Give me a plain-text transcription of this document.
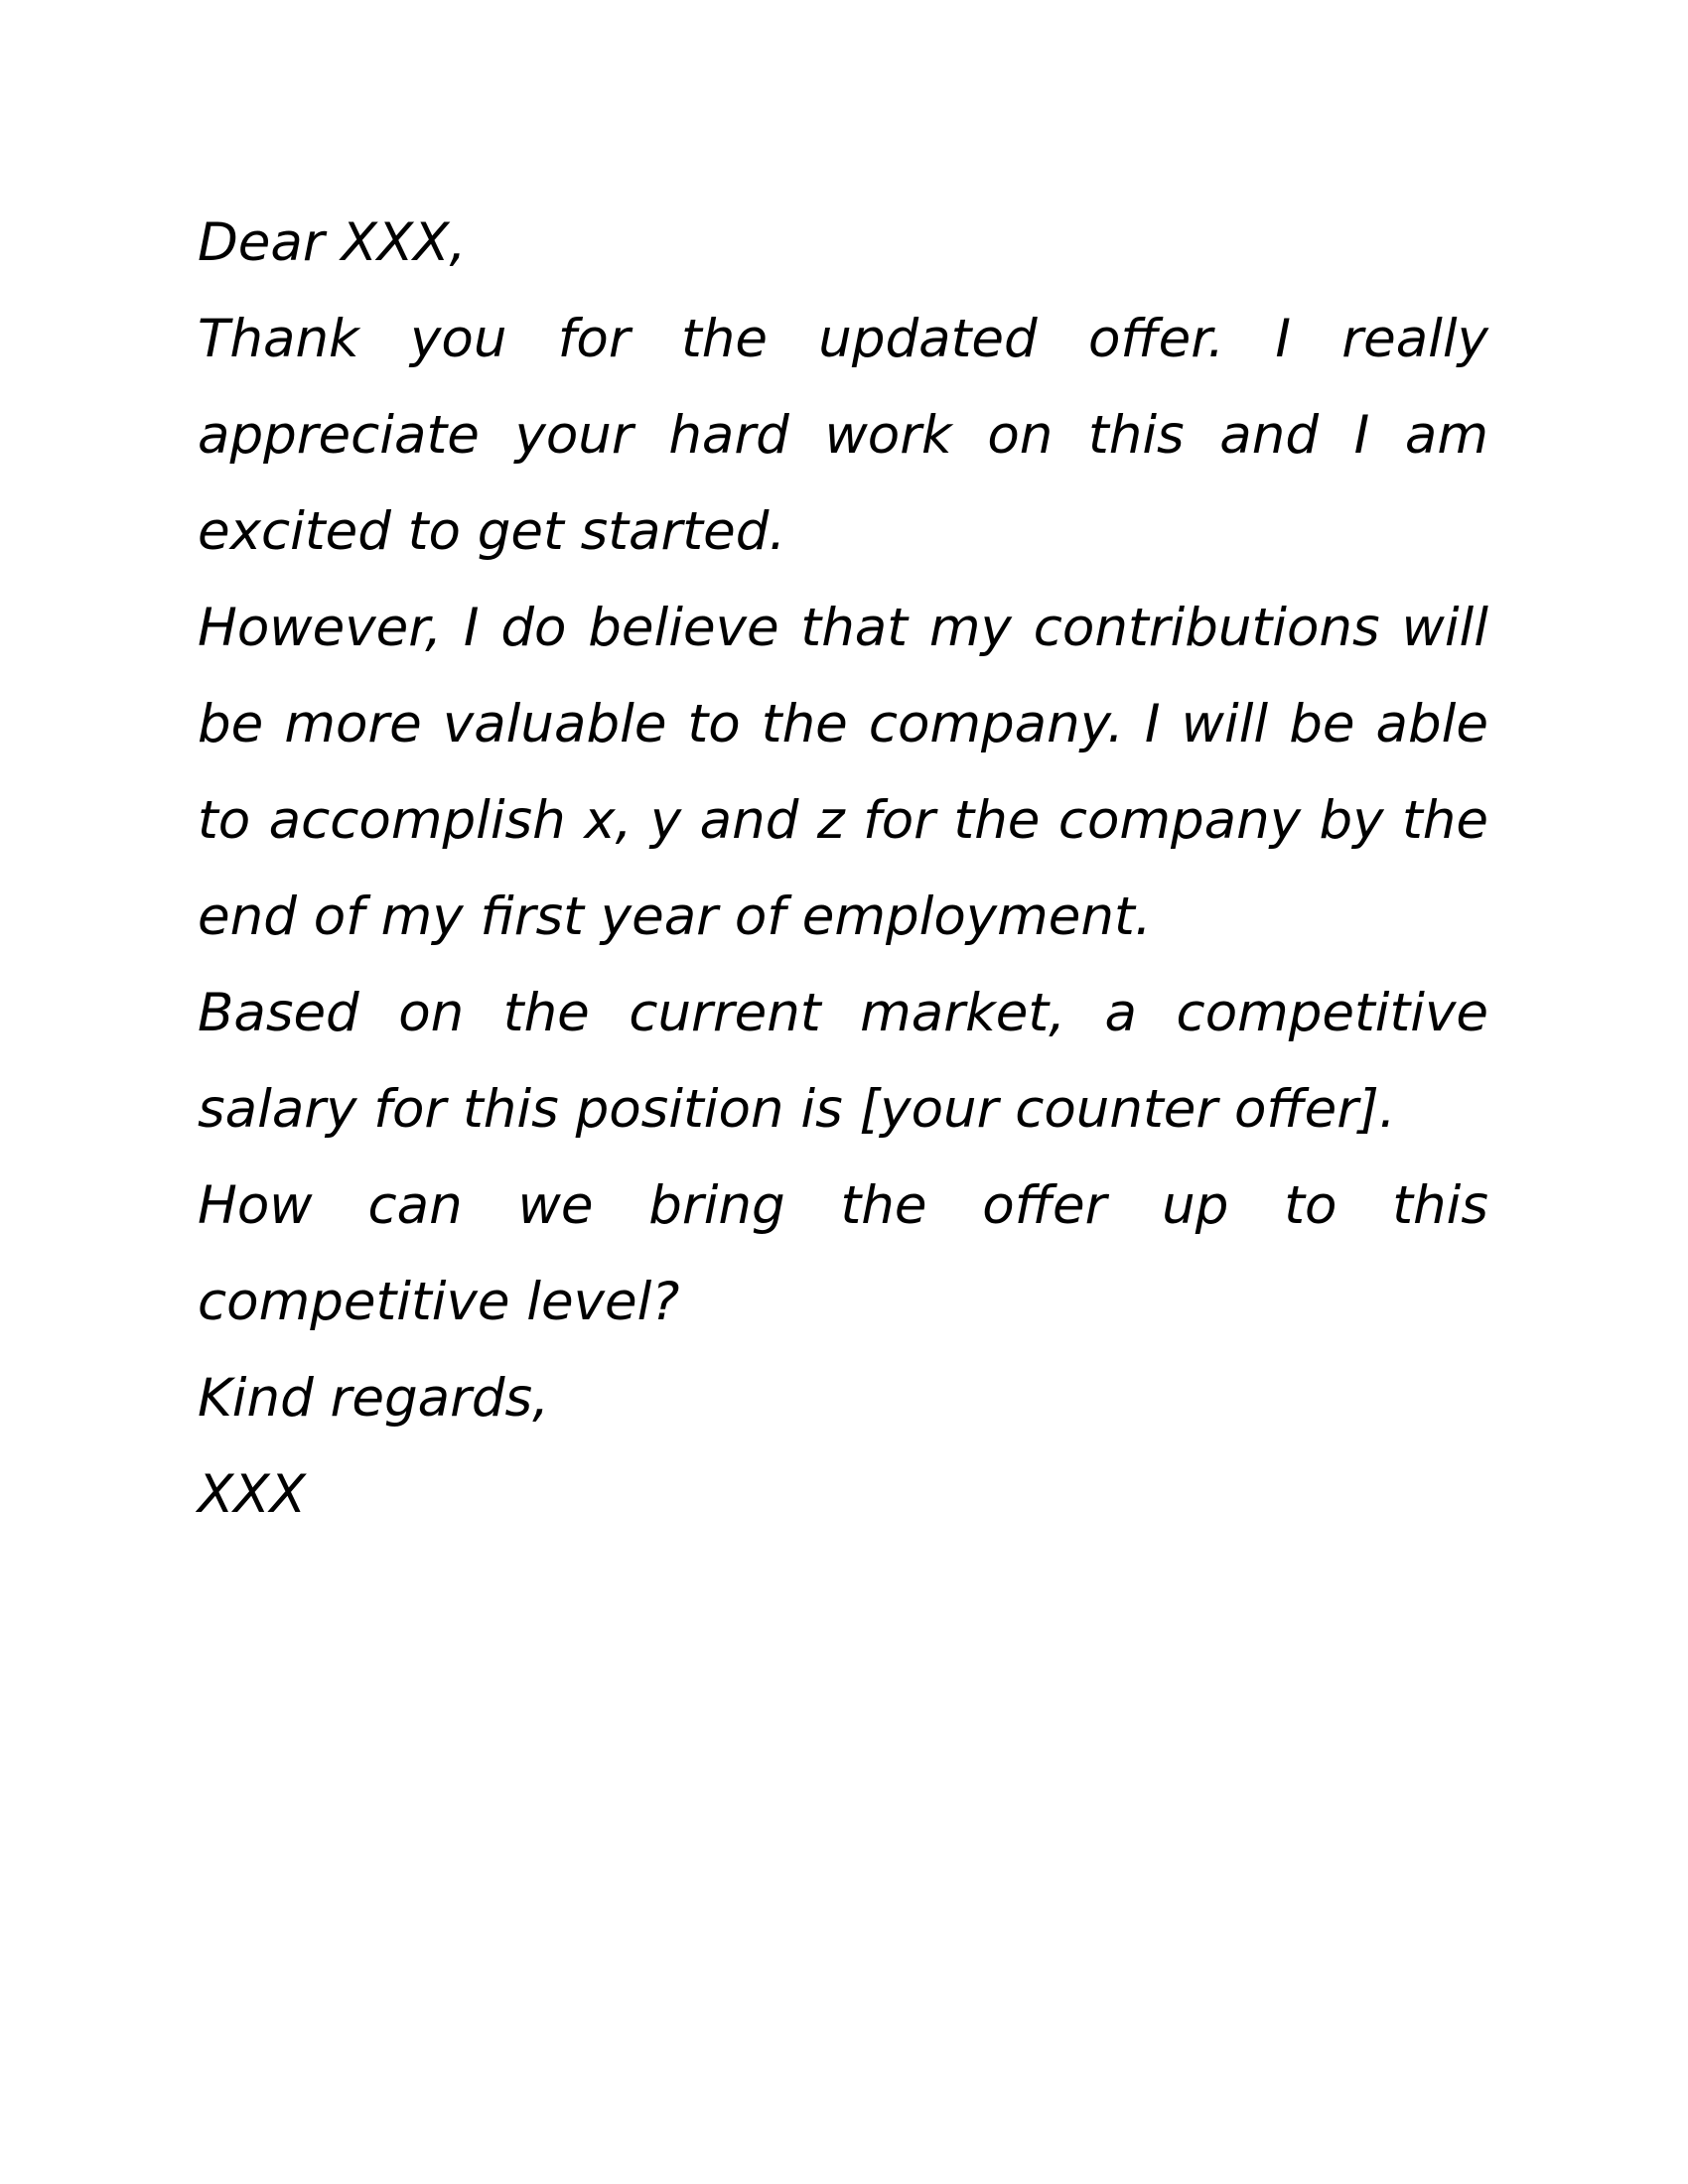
Dear XXX,

Thank you for the updated offer. I really appreciate your hard work on this and I am excited to get started.

However, I do believe that my contributions will be more valuable to the company. I will be able to accomplish x, y and z for the company by the end of my first year of employment.

Based on the current market, a competitive salary for this position is [your counter offer].

How can we bring the offer up to this competitive level?

Kind regards,

XXX
